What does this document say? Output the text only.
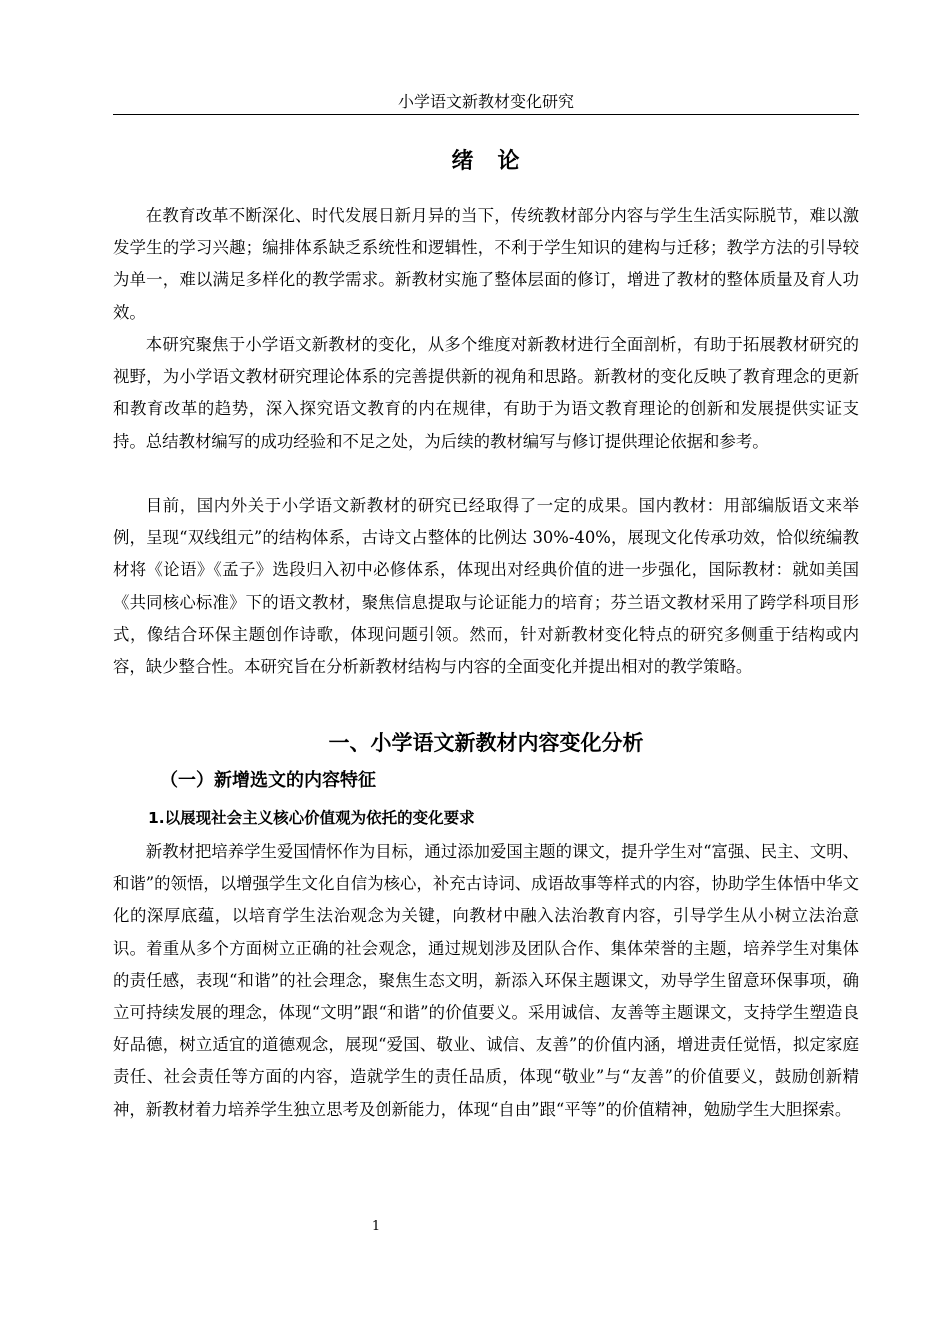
小学语文新教材变化研究
绪　论

在教育改革不断深化、时代发展日新月异的当下，传统教材部分内容与学生生活实际脱节，难以激发学生的学习兴趣；编排体系缺乏系统性和逻辑性，不利于学生知识的建构与迁移；教学方法的引导较为单一，难以满足多样化的教学需求。新教材实施了整体层面的修订，增进了教材的整体质量及育人功效。

本研究聚焦于小学语文新教材的变化，从多个维度对新教材进行全面剖析，有助于拓展教材研究的视野，为小学语文教材研究理论体系的完善提供新的视角和思路。新教材的变化反映了教育理念的更新和教育改革的趋势，深入探究语文教育的内在规律，有助于为语文教育理论的创新和发展提供实证支持。总结教材编写的成功经验和不足之处，为后续的教材编写与修订提供理论依据和参考。

目前，国内外关于小学语文新教材的研究已经取得了一定的成果。国内教材：用部编版语文来举例，呈现“双线组元”的结构体系，古诗文占整体的比例达 30%-40%，展现文化传承功效，恰似统编教材将《论语》《孟子》选段归入初中必修体系，体现出对经典价值的进一步强化，国际教材：就如美国《共同核心标准》下的语文教材，聚焦信息提取与论证能力的培育；芬兰语文教材采用了跨学科项目形式，像结合环保主题创作诗歌，体现问题引领。然而，针对新教材变化特点的研究多侧重于结构或内容，缺少整合性。本研究旨在分析新教材结构与内容的全面变化并提出相对的教学策略。

一、小学语文新教材内容变化分析
（一）新增选文的内容特征
1.以展现社会主义核心价值观为依托的变化要求

新教材把培养学生爱国情怀作为目标，通过添加爱国主题的课文，提升学生对“富强、民主、文明、和谐”的领悟，以增强学生文化自信为核心，补充古诗词、成语故事等样式的内容，协助学生体悟中华文化的深厚底蕴，以培育学生法治观念为关键，向教材中融入法治教育内容，引导学生从小树立法治意识。着重从多个方面树立正确的社会观念，通过规划涉及团队合作、集体荣誉的主题，培养学生对集体的责任感，表现“和谐”的社会理念，聚焦生态文明，新添入环保主题课文，劝导学生留意环保事项，确立可持续发展的理念，体现“文明”跟“和谐”的价值要义。采用诚信、友善等主题课文，支持学生塑造良好品德，树立适宜的道德观念，展现“爱国、敬业、诚信、友善”的价值内涵，增进责任觉悟，拟定家庭责任、社会责任等方面的内容，造就学生的责任品质，体现“敬业”与“友善”的价值要义，鼓励创新精神，新教材着力培养学生独立思考及创新能力，体现“自由”跟“平等”的价值精神，勉励学生大胆探索。

1
